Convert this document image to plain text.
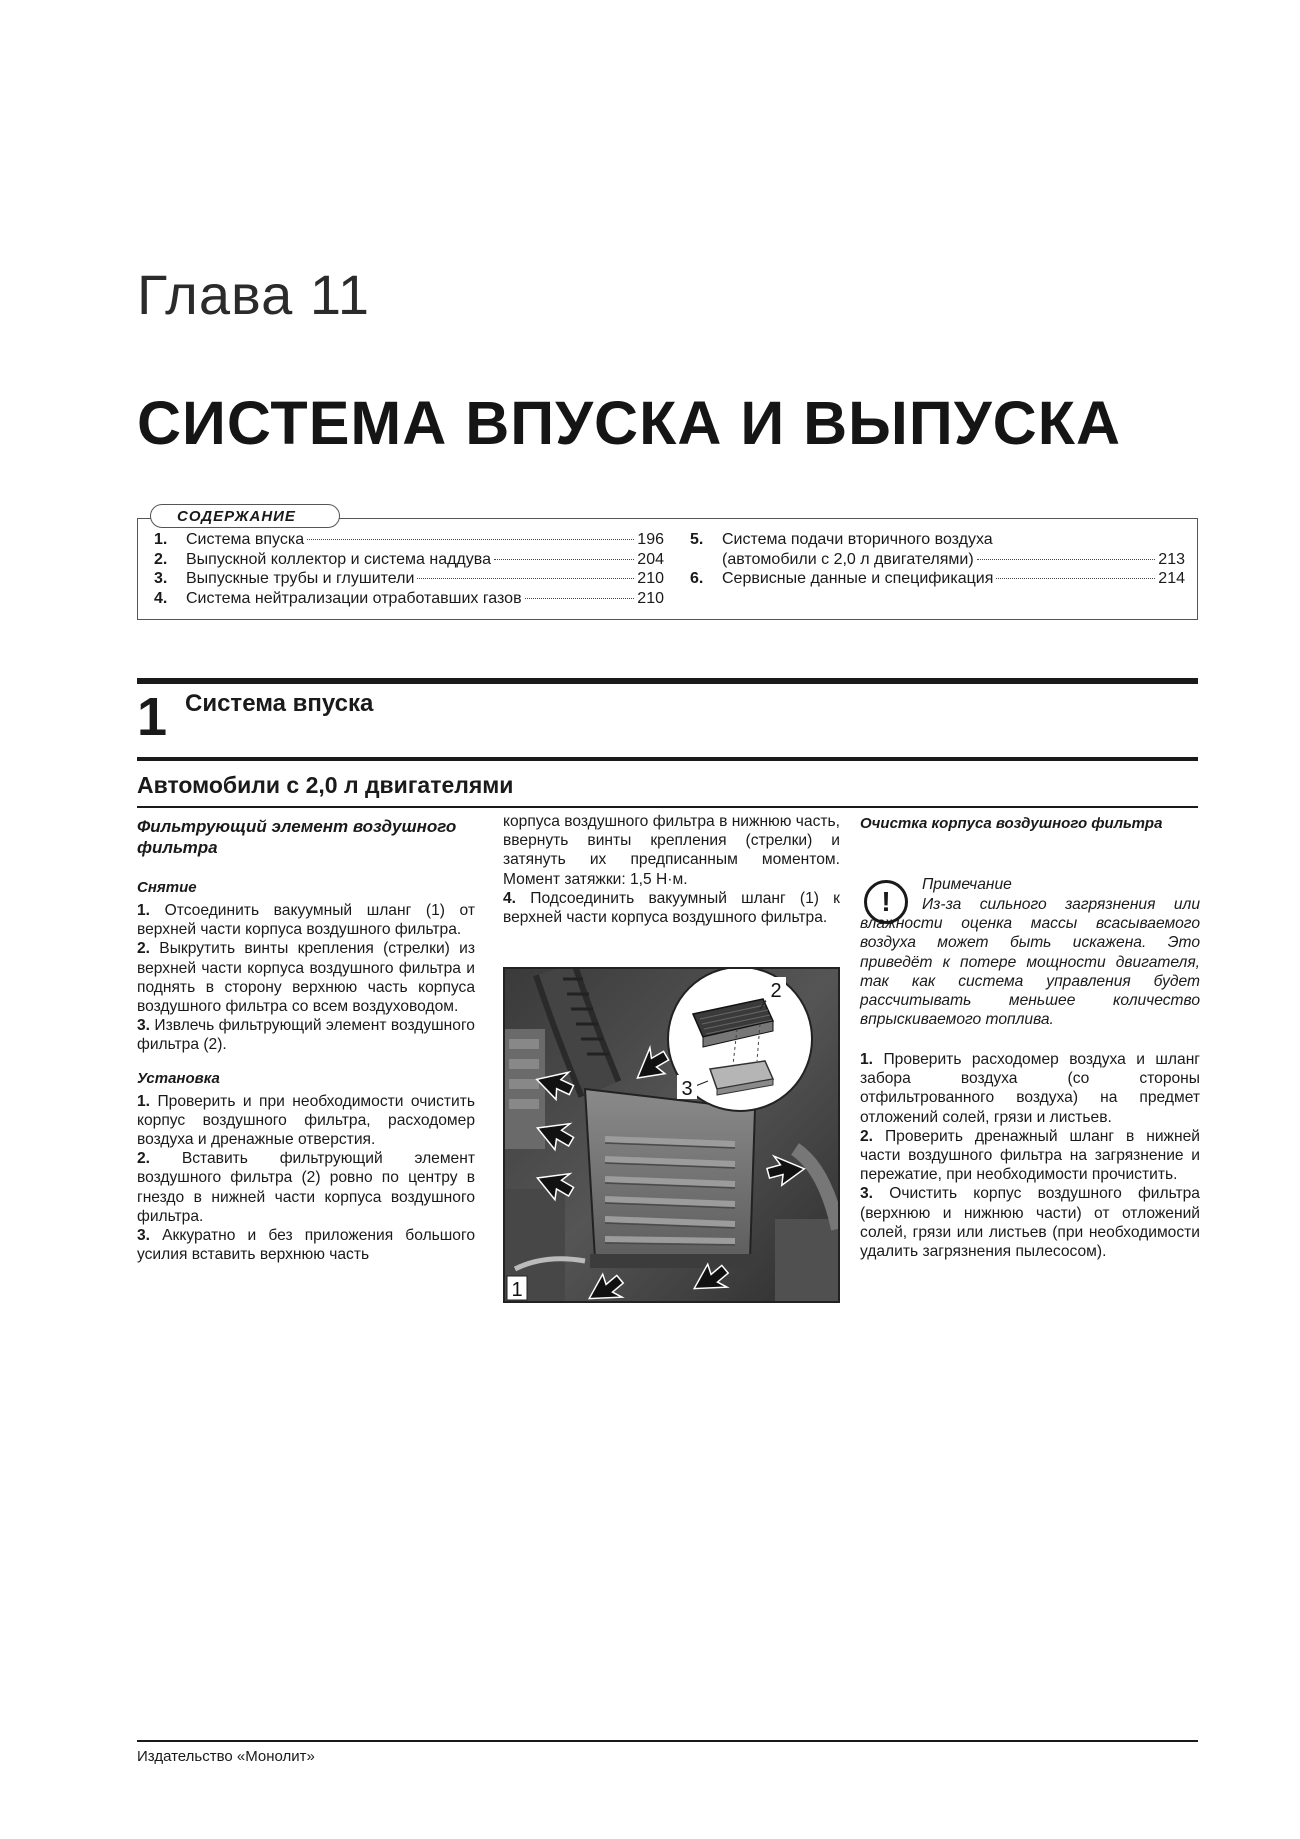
Глава 11
СИСТЕМА ВПУСКА И ВЫПУСКА
СОДЕРЖАНИЕ
1.	Система впуска	196
2.	Выпускной коллектор и система наддува	204
3.	Выпускные трубы и глушители	210
4.	Система нейтрализации отработавших газов	210
5.	Система подачи вторичного воздуха
(автомобили с 2,0 л двигателями)	213
6.	Сервисные данные и спецификация	214
1 Система впуска
Автомобили с 2,0 л двигателями

Фильтрующий элемент воздушного фильтра

Снятие

1. Отсоединить вакуумный шланг (1) от верхней части корпуса воздушного фильтра.

2. Выкрутить винты крепления (стрелки) из верхней части корпуса воздушного фильтра и поднять в сторону верхнюю часть корпуса воздушного фильтра со всем воздуховодом.

3. Извлечь фильтрующий элемент воздушного фильтра (2).

Установка

1. Проверить и при необходимости очистить корпус воздушного фильтра, расходомер воздуха и дренажные отверстия.

2. Вставить фильтрующий элемент воздушного фильтра (2) ровно по центру в гнездо в нижней части корпуса воздушного фильтра.

3. Аккуратно и без приложения большого усилия вставить верхнюю часть

корпуса воздушного фильтра в нижнюю часть, ввернуть винты крепления (стрелки) и затянуть их предписанным моментом. Момент затяжки: 1,5 Н·м.

4. Подсоединить вакуумный шланг (1) к верхней части корпуса воздушного фильтра.

1
2
3

Очистка корпуса воздушного фильтра

!
Примечание
Из-за сильного загрязнения или влажности оценка массы всасываемого воздуха может быть искажена. Это приведёт к потере мощности двигателя, так как система управления будет рассчитывать меньшее количество впрыскиваемого топлива.

1. Проверить расходомер воздуха и шланг забора воздуха (со стороны отфильтрованного воздуха) на предмет отложений солей, грязи и листьев.

2. Проверить дренажный шланг в нижней части воздушного фильтра на загрязнение и пережатие, при необходимости прочистить.

3. Очистить корпус воздушного фильтра (верхнюю и нижнюю части) от отложений солей, грязи или листьев (при необходимости удалить загрязнения пылесосом).

Издательство «Монолит»
